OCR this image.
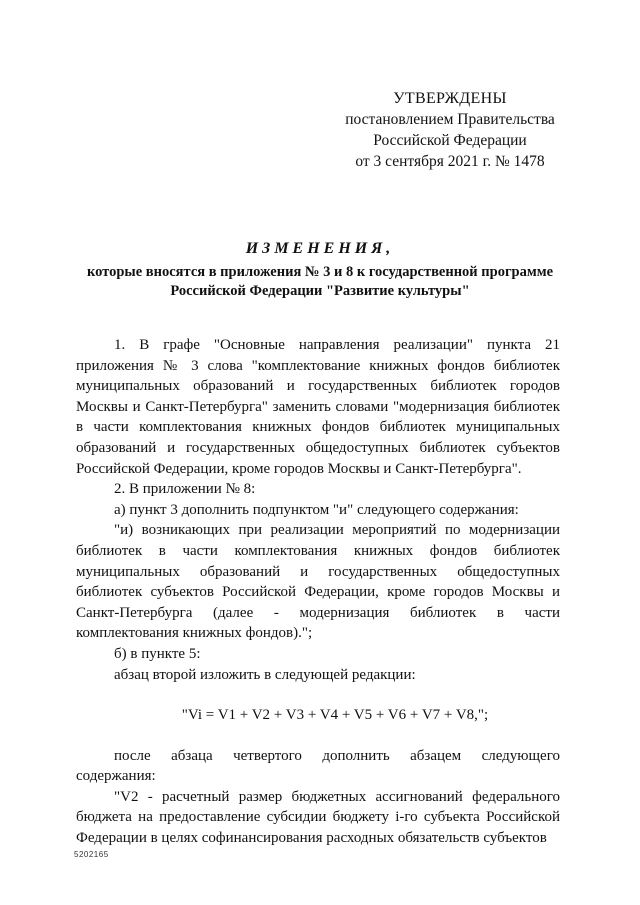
УТВЕРЖДЕНЫ
постановлением Правительства
Российской Федерации
от 3 сентября 2021 г. № 1478
ИЗМЕНЕНИЯ,
которые вносятся в приложения № 3 и 8 к государственной программе
Российской Федерации "Развитие культуры"

1. В графе "Основные направления реализации" пункта 21 приложения № 3 слова "комплектование книжных фондов библиотек муниципальных образований и государственных библиотек городов Москвы и Санкт-Петербурга" заменить словами "модернизация библиотек в части комплектования книжных фондов библиотек муниципальных образований и государственных общедоступных библиотек субъектов Российской Федерации, кроме городов Москвы и Санкт-Петербурга".

2. В приложении № 8:

а) пункт 3 дополнить подпунктом "и" следующего содержания:

"и) возникающих при реализации мероприятий по модернизации библиотек в части комплектования книжных фондов библиотек муниципальных образований и государственных общедоступных библиотек субъектов Российской Федерации, кроме городов Москвы и Санкт-Петербурга (далее - модернизация библиотек в части комплектования книжных фондов).";

б) в пункте 5:

абзац второй изложить в следующей редакции:

"Vi = V1 + V2 + V3 + V4 + V5 + V6 + V7 + V8,";

после абзаца четвертого дополнить абзацем следующего содержания:

"V2 - расчетный размер бюджетных ассигнований федерального бюджета на предоставление субсидии бюджету i-го субъекта Российской Федерации в целях софинансирования расходных обязательств субъектов

5202165
